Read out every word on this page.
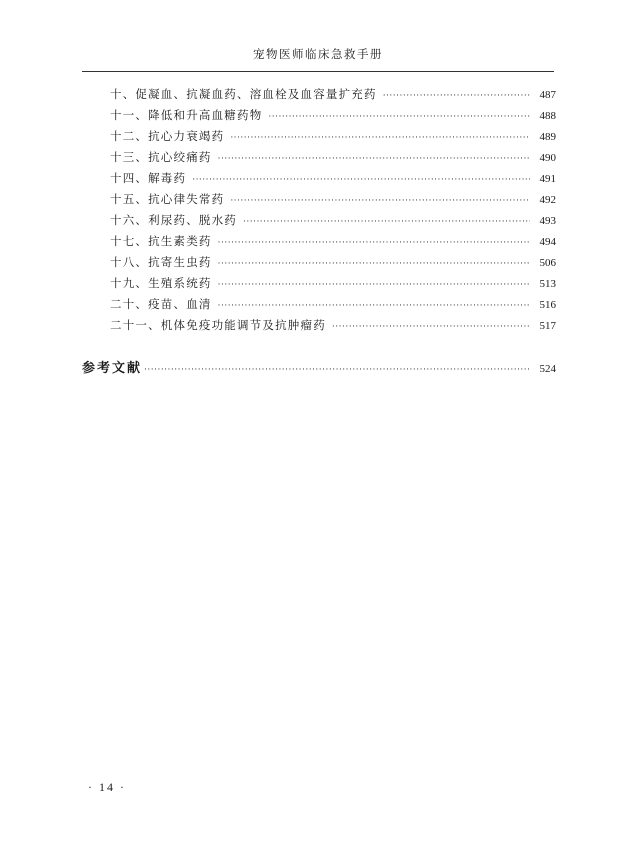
宠物医师临床急救手册
十、促凝血、抗凝血药、溶血栓及血容量扩充药 ·····	487
十一、降低和升高血糖药物 ·····	488
十二、抗心力衰竭药 ·····	489
十三、抗心绞痛药 ·····	490
十四、解毒药 ·····	491
十五、抗心律失常药 ·····	492
十六、利尿药、脱水药 ·····	493
十七、抗生素类药 ·····	494
十八、抗寄生虫药 ·····	506
十九、生殖系统药 ·····	513
二十、疫苗、血清 ·····	516
二十一、机体免疫功能调节及抗肿瘤药 ·····	517
参考文献 ·····	524
· 14 ·
